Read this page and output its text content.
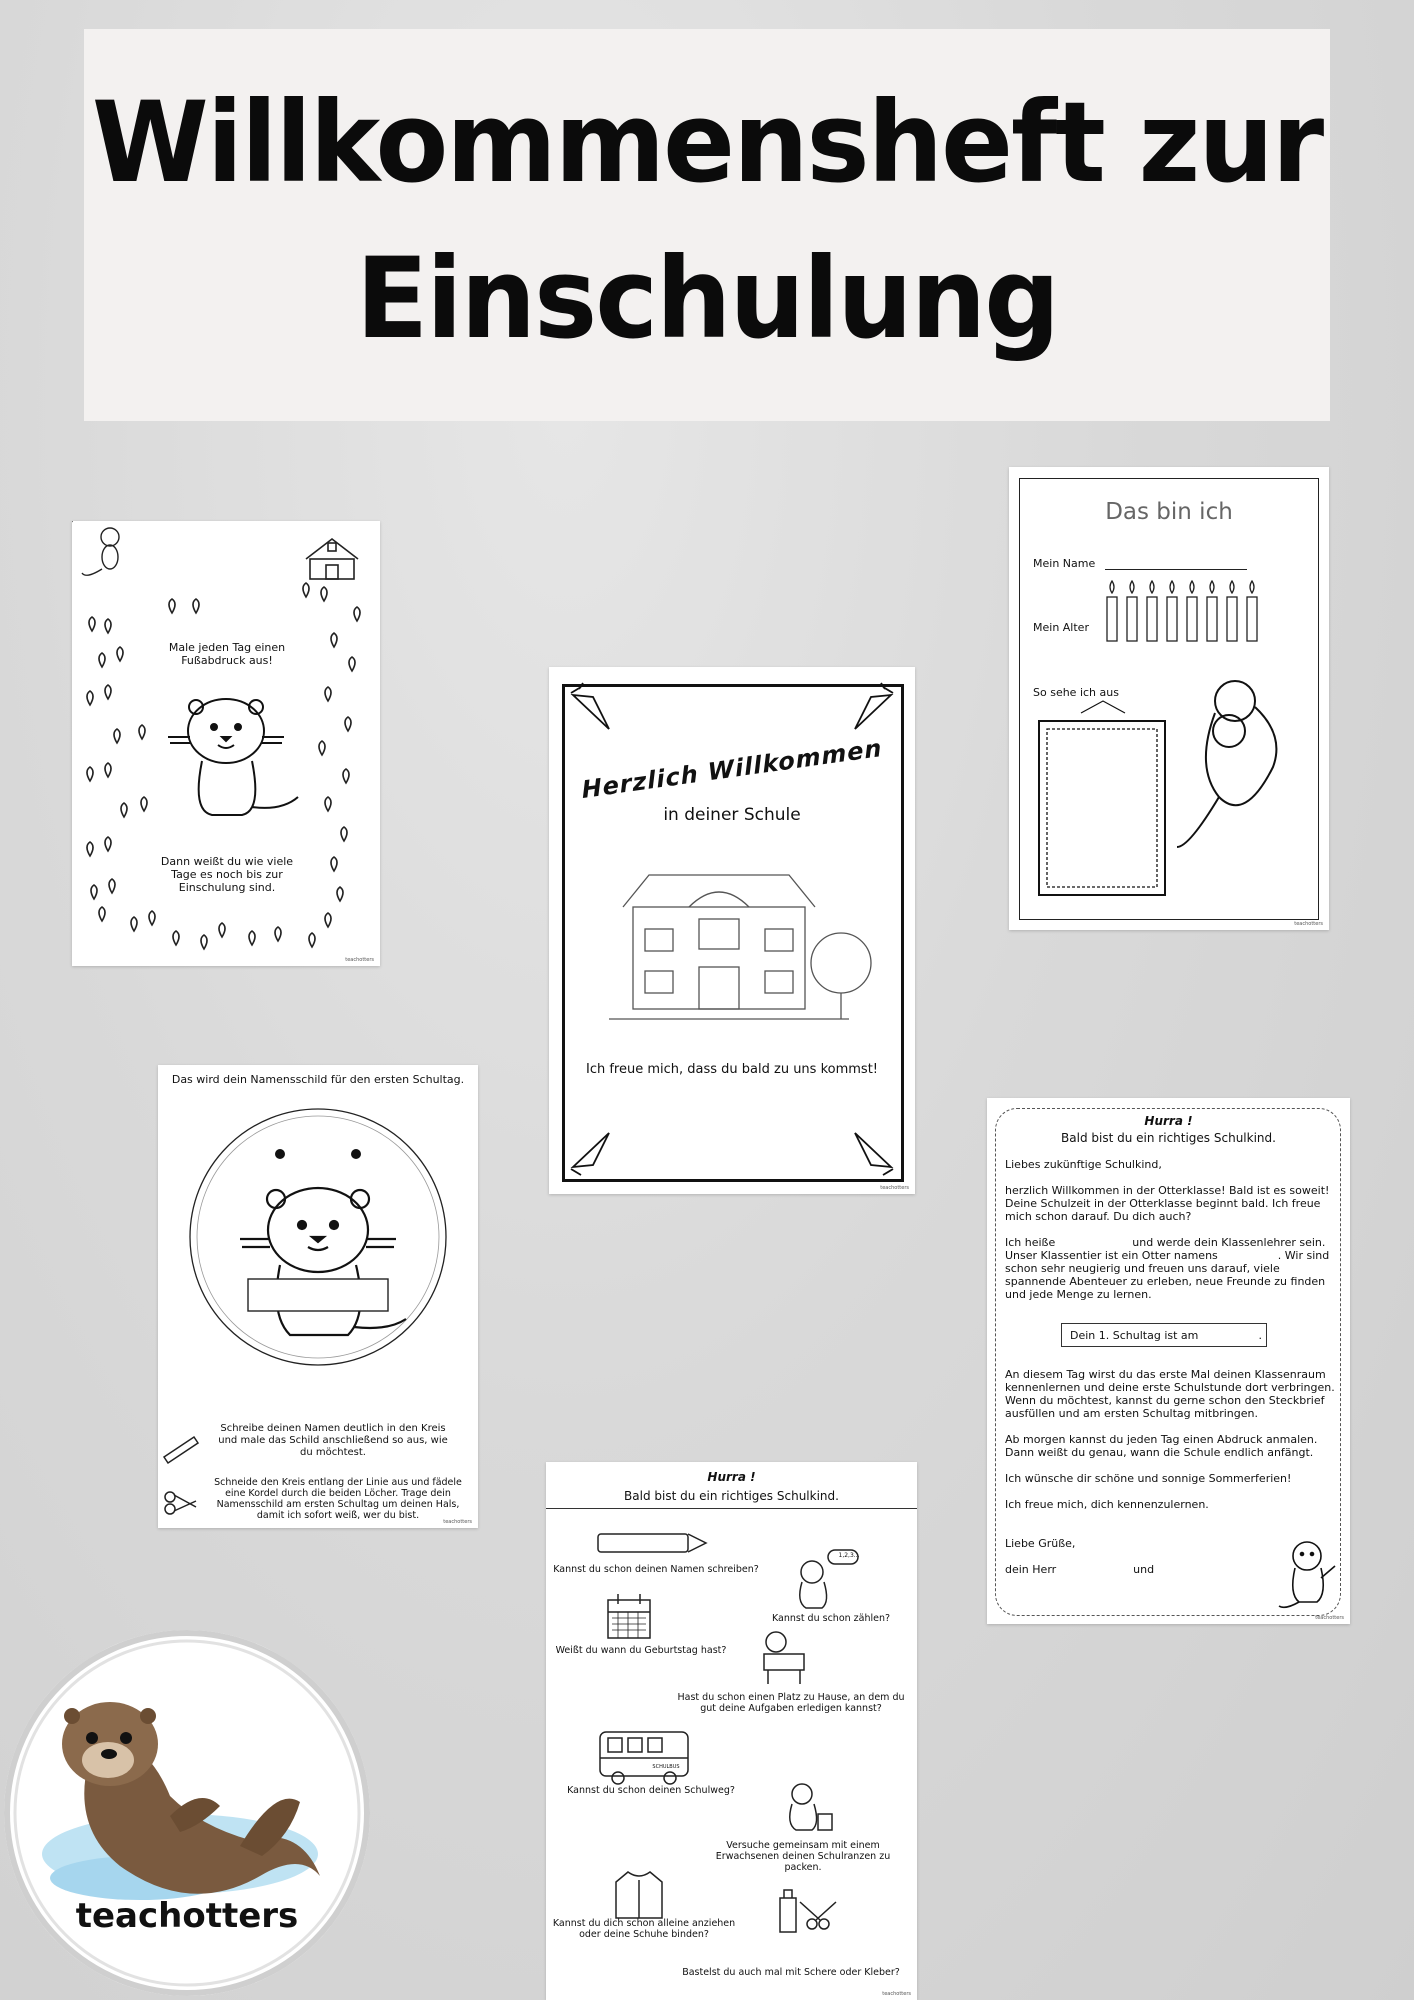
Willkommensheft zur
Einschulung
Male jeden Tag einen Fußabdruck aus!
Dann weißt du wie viele Tage es noch bis zur Einschulung sind.
teachotters
Herzlich Willkommen
in deiner Schule
Ich freue mich, dass du bald zu uns kommst!
teachotters
Das bin ich
Mein Name
Mein Alter
So sehe ich aus
teachotters
Das wird dein Namensschild für den ersten Schultag.
Schreibe deinen Namen deutlich in den Kreis und male das Schild anschließend so aus, wie du möchtest.
Schneide den Kreis entlang der Linie aus und fädele eine Kordel durch die beiden Löcher. Trage dein Namensschild am ersten Schultag um deinen Hals, damit ich sofort weiß, wer du bist.
teachotters
Hurra !
Bald bist du ein richtiges Schulkind.
Liebes zukünftige Schulkind,
herzlich Willkommen in der Otterklasse! Bald ist es soweit! Deine Schulzeit in der Otterklasse beginnt bald. Ich freue mich schon darauf. Du dich auch?
Ich heiße	und werde dein Klassenlehrer sein. Unser Klassentier ist ein Otter namens	. Wir sind schon sehr neugierig und freuen uns darauf, viele spannende Abenteuer zu erleben, neue Freunde zu finden und jede Menge zu lernen.
Dein 1. Schultag ist am	.
An diesem Tag wirst du das erste Mal deinen Klassenraum kennenlernen und deine erste Schulstunde dort verbringen.
Wenn du möchtest, kannst du gerne schon den Steckbrief ausfüllen und am ersten Schultag mitbringen.
Ab morgen kannst du jeden Tag einen Abdruck anmalen. Dann weißt du genau, wann die Schule endlich anfängt.
Ich wünsche dir schöne und sonnige Sommerferien!
Ich freue mich, dich kennenzulernen.
Liebe Grüße,
dein Herr	und
teachotters
Hurra !
Bald bist du ein richtiges Schulkind.
1,2,3...
SCHULBUS
Kannst du schon deinen Namen schreiben?
Kannst du schon zählen?
Weißt du wann du Geburtstag hast?
Hast du schon einen Platz zu Hause, an dem du gut deine Aufgaben erledigen kannst?
Kannst du schon deinen Schulweg?
Versuche gemeinsam mit einem Erwachsenen deinen Schulranzen zu packen.
Kannst du dich schon alleine anziehen oder deine Schuhe binden?
Bastelst du auch mal mit Schere oder Kleber?
teachotters
teachotters
